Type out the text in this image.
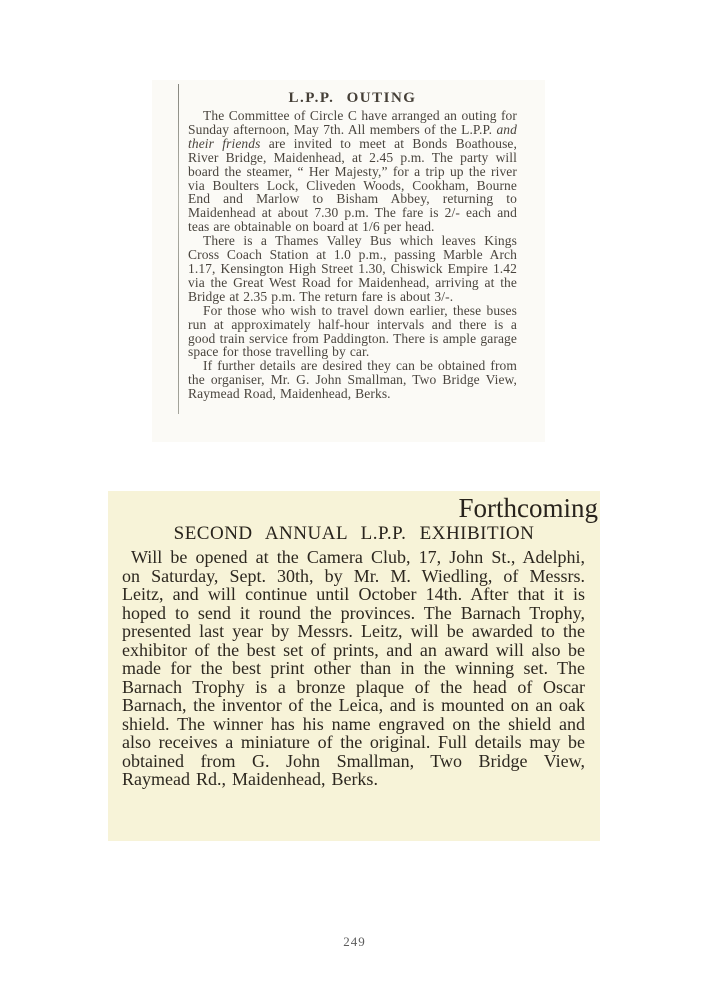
L.P.P. OUTING

The Committee of Circle C have arranged an outing for Sunday afternoon, May 7th. All members of the L.P.P. and their friends are invited to meet at Bonds Boathouse, River Bridge, Maidenhead, at 2.45 p.m. The party will board the steamer, “ Her Majesty,” for a trip up the river via Boulters Lock, Cliveden Woods, Cookham, Bourne End and Marlow to Bisham Abbey, returning to Maidenhead at about 7.30 p.m. The fare is 2/- each and teas are obtainable on board at 1/6 per head.

There is a Thames Valley Bus which leaves Kings Cross Coach Station at 1.0 p.m., passing Marble Arch 1.17, Kensington High Street 1.30, Chiswick Empire 1.42 via the Great West Road for Maidenhead, arriving at the Bridge at 2.35 p.m. The return fare is about 3/-.

For those who wish to travel down earlier, these buses run at approximately half-hour intervals and there is a good train service from Paddington. There is ample garage space for those travelling by car.

If further details are desired they can be obtained from the organiser, Mr. G. John Smallman, Two Bridge View, Raymead Road, Maidenhead, Berks.

Forthcoming
SECOND ANNUAL L.P.P. EXHIBITION

Will be opened at the Camera Club, 17, John St., Adelphi, on Saturday, Sept. 30th, by Mr. M. Wiedling, of Messrs. Leitz, and will continue until October 14th. After that it is hoped to send it round the provinces. The Barnach Trophy, presented last year by Messrs. Leitz, will be awarded to the exhibitor of the best set of prints, and an award will also be made for the best print other than in the winning set. The Barnach Trophy is a bronze plaque of the head of Oscar Barnach, the inventor of the Leica, and is mounted on an oak shield. The winner has his name engraved on the shield and also receives a miniature of the original. Full details may be obtained from G. John Smallman, Two Bridge View, Raymead Rd., Maidenhead, Berks.

249
